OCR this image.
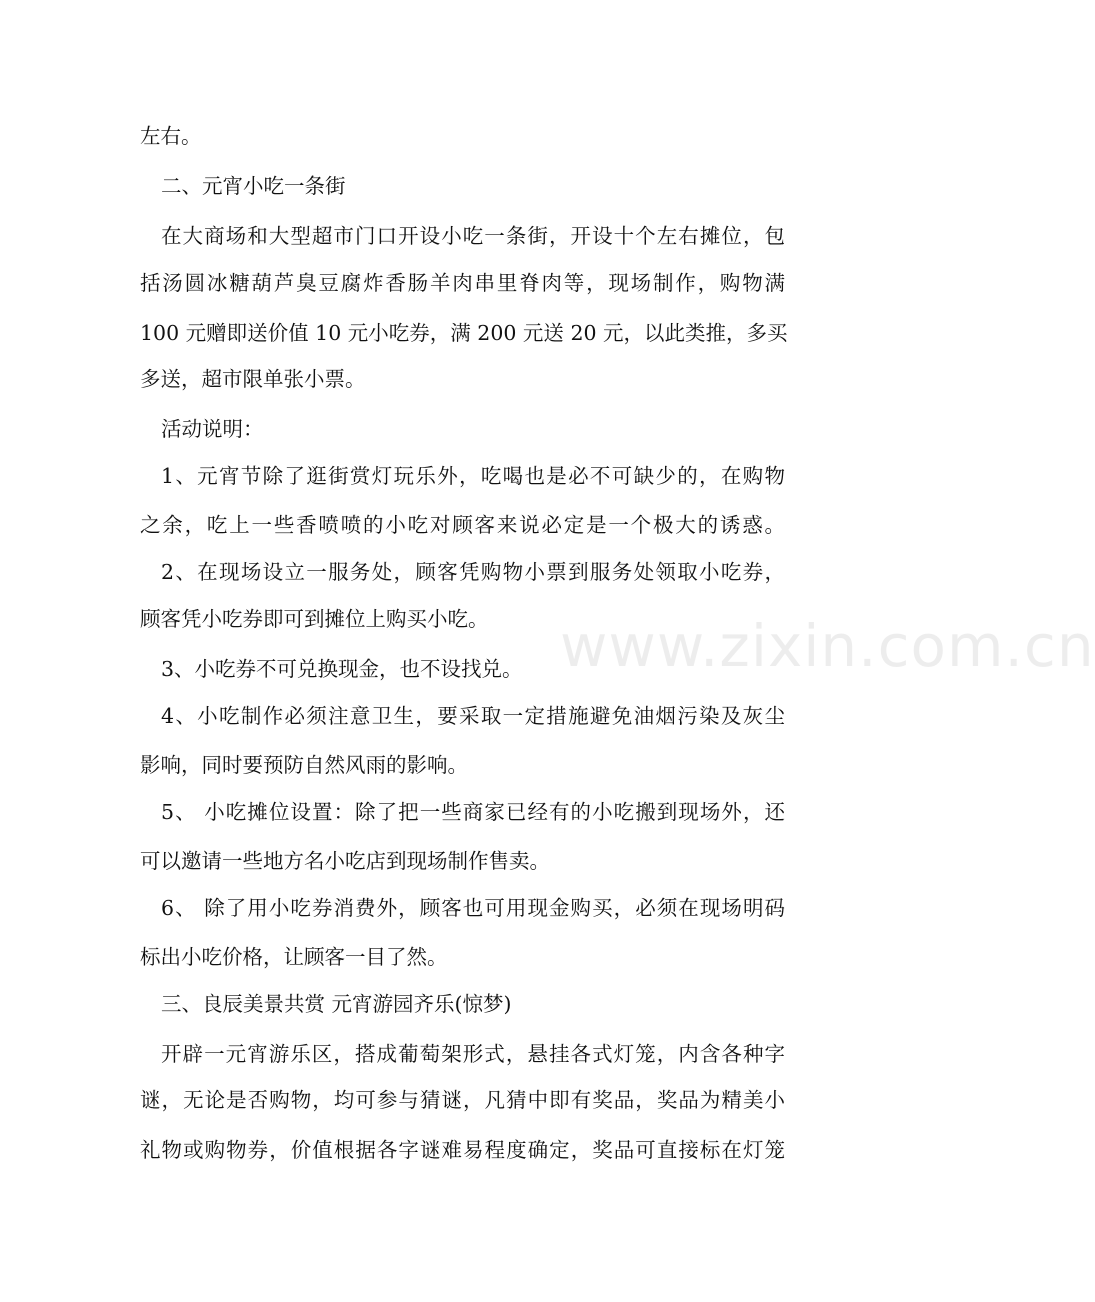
左右。
二、元宵小吃一条街
在大商场和大型超市门口开设小吃一条街，开设十个左右摊位，包
括汤圆冰糖葫芦臭豆腐炸香肠羊肉串里脊肉等，现场制作，购物满
100 元赠即送价值 10 元小吃券，满 200 元送 20 元，以此类推，多买
多送，超市限单张小票。
活动说明：
1、元宵节除了逛街赏灯玩乐外，吃喝也是必不可缺少的，在购物
之余，吃上一些香喷喷的小吃对顾客来说必定是一个极大的诱惑。
2、在现场设立一服务处，顾客凭购物小票到服务处领取小吃券，
顾客凭小吃券即可到摊位上购买小吃。
3、小吃券不可兑换现金，也不设找兑。
4、小吃制作必须注意卫生，要采取一定措施避免油烟污染及灰尘
影响，同时要预防自然风雨的影响。
5、 小吃摊位设置：除了把一些商家已经有的小吃搬到现场外，还
可以邀请一些地方名小吃店到现场制作售卖。
6、 除了用小吃券消费外，顾客也可用现金购买，必须在现场明码
标出小吃价格，让顾客一目了然。
三、良辰美景共赏 元宵游园齐乐(惊梦)
开辟一元宵游乐区，搭成葡萄架形式，悬挂各式灯笼，内含各种字
谜，无论是否购物，均可参与猜谜，凡猜中即有奖品，奖品为精美小
礼物或购物券，价值根据各字谜难易程度确定，奖品可直接标在灯笼
www.zixin.com.cn
